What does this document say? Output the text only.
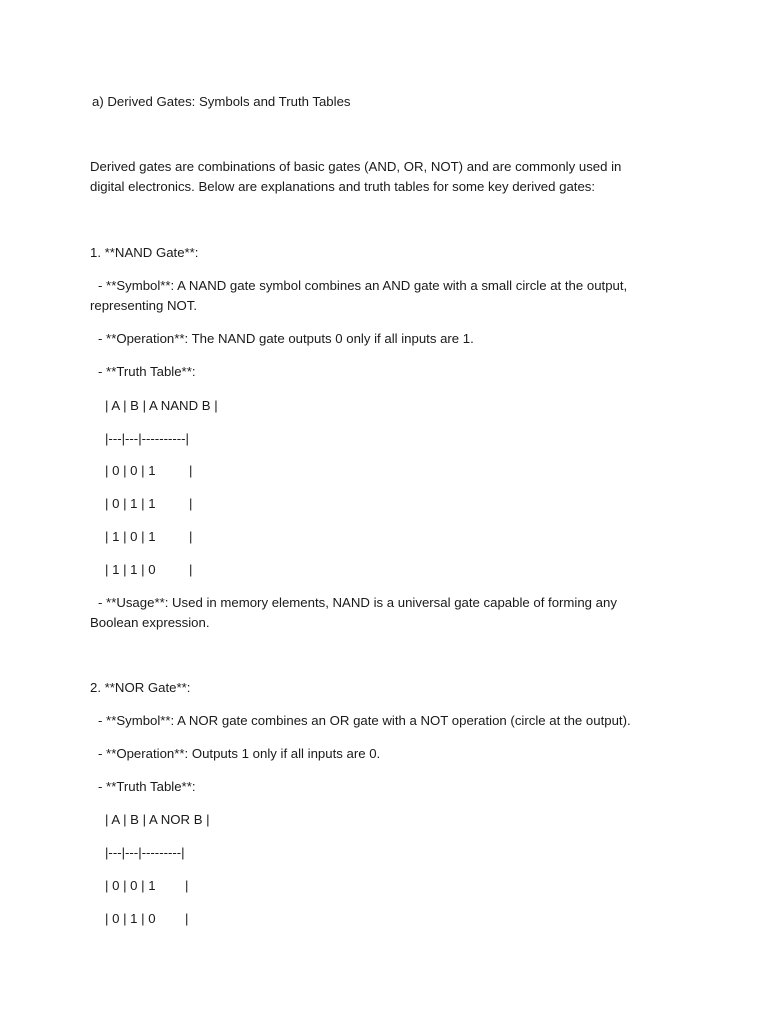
a) Derived Gates: Symbols and Truth Tables

Derived gates are combinations of basic gates (AND, OR, NOT) and are commonly used in digital electronics. Below are explanations and truth tables for some key derived gates:

1. **NAND Gate**:

- **Symbol**: A NAND gate symbol combines an AND gate with a small circle at the output, representing NOT.

- **Operation**: The NAND gate outputs 0 only if all inputs are 1.

- **Truth Table**:

| A | B | A NAND B |

|---|---|----------|

| 0 | 0 | 1	|

| 0 | 1 | 1	|

| 1 | 0 | 1	|

| 1 | 1 | 0	|

- **Usage**: Used in memory elements, NAND is a universal gate capable of forming any Boolean expression.

2. **NOR Gate**:

- **Symbol**: A NOR gate combines an OR gate with a NOT operation (circle at the output).

- **Operation**: Outputs 1 only if all inputs are 0.

- **Truth Table**:

| A | B | A NOR B |

|---|---|---------|

| 0 | 0 | 1 |

| 0 | 1 | 0 |
